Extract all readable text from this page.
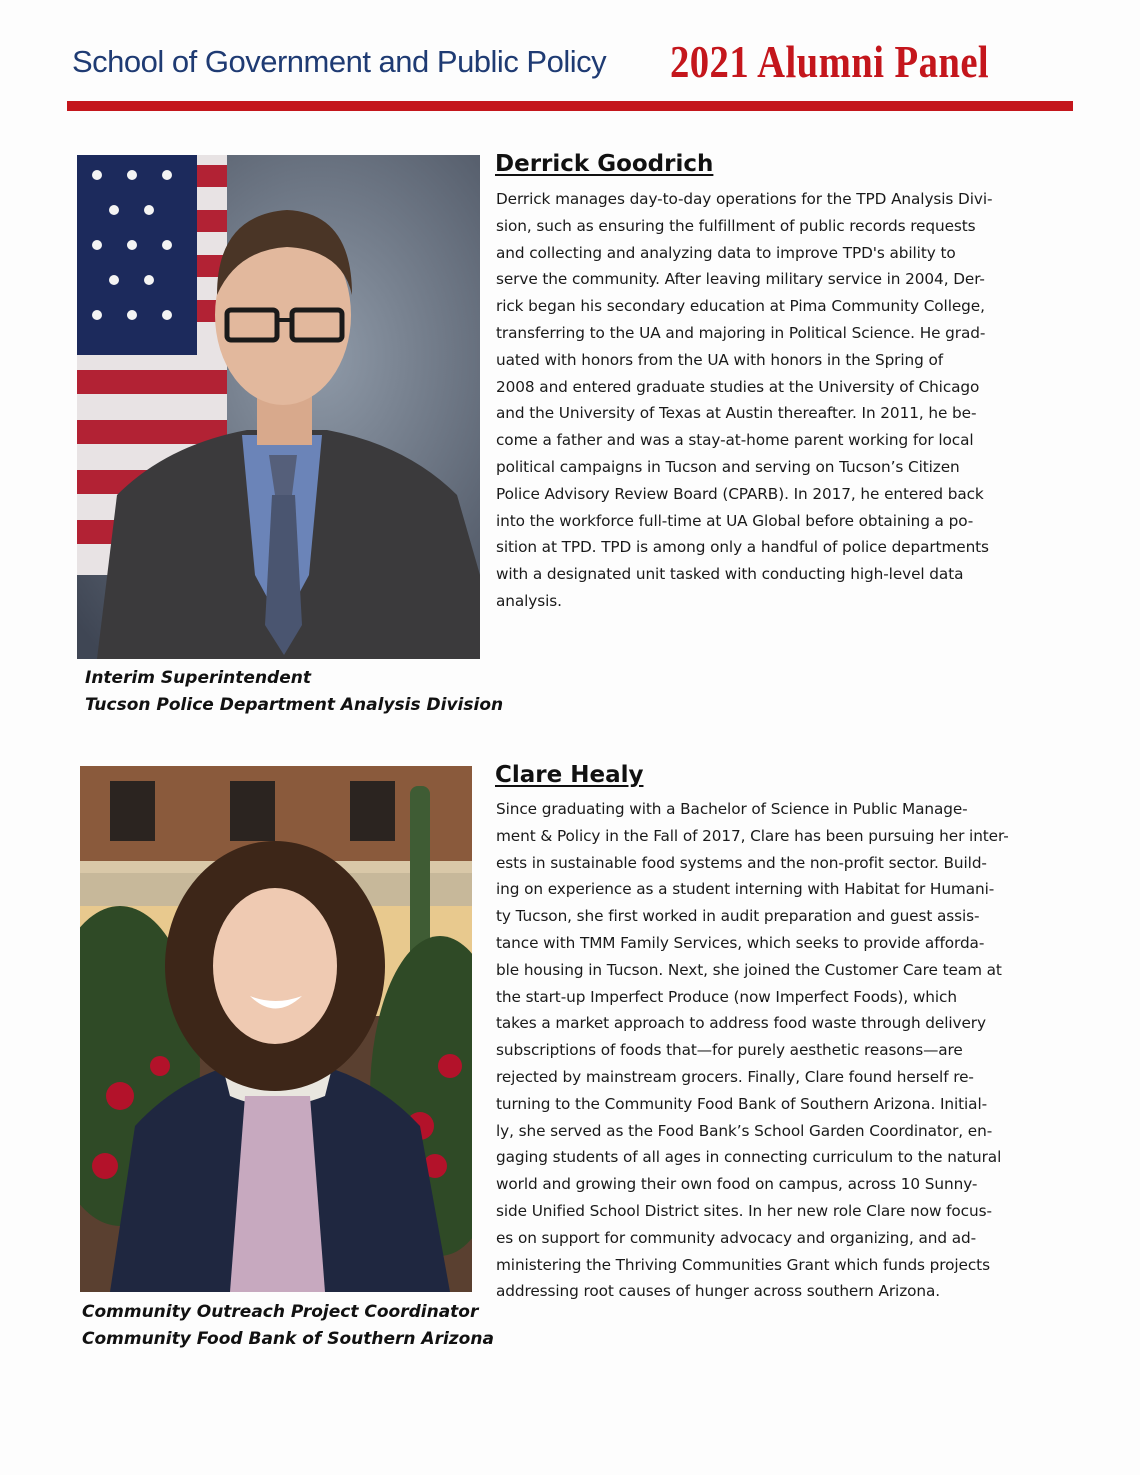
School of Government and Public Policy 2021 Alumni Panel
Interim Superintendent
Tucson Police Department Analysis Division
Derrick Goodrich
Derrick manages day-to-day operations for the TPD Analysis Divi-
sion, such as ensuring the fulfillment of public records requests
and collecting and analyzing data to improve TPD's ability to
serve the community. After leaving military service in 2004, Der-
rick began his secondary education at Pima Community College,
transferring to the UA and majoring in Political Science. He grad-
uated with honors from the UA with honors in the Spring of
2008 and entered graduate studies at the University of Chicago
and the University of Texas at Austin thereafter. In 2011, he be-
come a father and was a stay-at-home parent working for local
political campaigns in Tucson and serving on Tucson’s Citizen
Police Advisory Review Board (CPARB). In 2017, he entered back
into the workforce full-time at UA Global before obtaining a po-
sition at TPD. TPD is among only a handful of police departments
with a designated unit tasked with conducting high-level data
analysis.
Community Outreach Project Coordinator
Community Food Bank of Southern Arizona
Clare Healy
Since graduating with a Bachelor of Science in Public Manage-
ment & Policy in the Fall of 2017, Clare has been pursuing her inter-
ests in sustainable food systems and the non-profit sector. Build-
ing on experience as a student interning with Habitat for Humani-
ty Tucson, she first worked in audit preparation and guest assis-
tance with TMM Family Services, which seeks to provide afforda-
ble housing in Tucson. Next, she joined the Customer Care team at
the start-up Imperfect Produce (now Imperfect Foods), which
takes a market approach to address food waste through delivery
subscriptions of foods that—for purely aesthetic reasons—are
rejected by mainstream grocers. Finally, Clare found herself re-
turning to the Community Food Bank of Southern Arizona. Initial-
ly, she served as the Food Bank’s School Garden Coordinator, en-
gaging students of all ages in connecting curriculum to the natural
world and growing their own food on campus, across 10 Sunny-
side Unified School District sites. In her new role Clare now focus-
es on support for community advocacy and organizing, and ad-
ministering the Thriving Communities Grant which funds projects
addressing root causes of hunger across southern Arizona.
